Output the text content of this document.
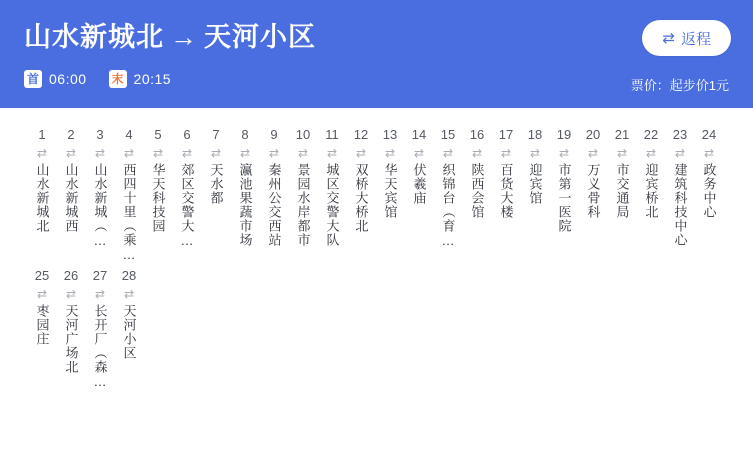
山水新城北 → 天河小区
首 06:00 末 20:15
⇄ 返程
票价：起步价1元
1
⇄
山水新城北
2
⇄
山水新城西
3
⇄
山水新城（…
4
⇄
西四十里（乘…
5
⇄
华天科技园
6
⇄
郊区交警大…
7
⇄
天水都
8
⇄
瀛池果蔬市场
9
⇄
秦州公交西站
10
⇄
景园水岸都市
11
⇄
城区交警大队
12
⇄
双桥大桥北
13
⇄
华天宾馆
14
⇄
伏羲庙
15
⇄
织锦台（育…
16
⇄
陕西会馆
17
⇄
百货大楼
18
⇄
迎宾馆
19
⇄
市第一医院
20
⇄
万义骨科
21
⇄
市交通局
22
⇄
迎宾桥北
23
⇄
建筑科技中心
24
⇄
政务中心
25
⇄
枣园庄
26
⇄
天河广场北
27
⇄
长开厂（森…
28
⇄
天河小区
